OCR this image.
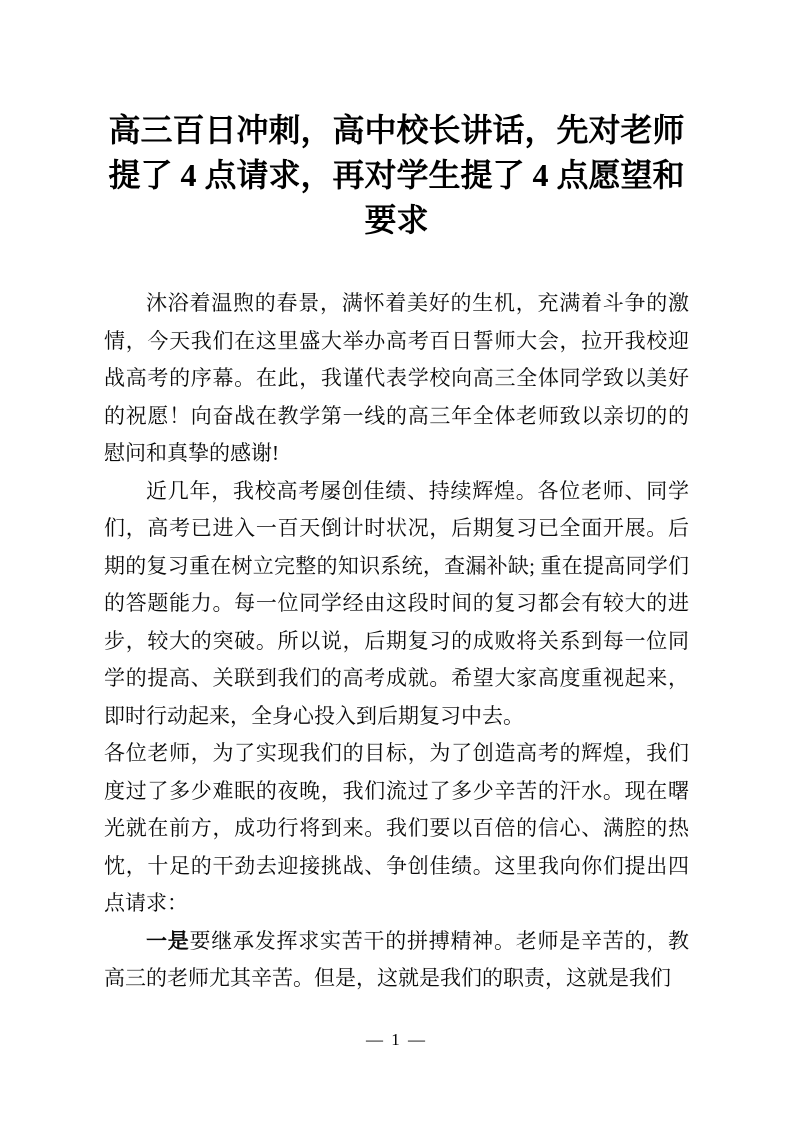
高三百日冲刺，高中校长讲话，先对老师提了 4 点请求，再对学生提了 4 点愿望和要求

沐浴着温煦的春景，满怀着美好的生机，充满着斗争的激情，今天我们在这里盛大举办高考百日誓师大会，拉开我校迎战高考的序幕。在此，我谨代表学校向高三全体同学致以美好的祝愿！向奋战在教学第一线的高三年全体老师致以亲切的的慰问和真挚的感谢!

近几年，我校高考屡创佳绩、持续辉煌。各位老师、同学们，高考已进入一百天倒计时状况，后期复习已全面开展。后期的复习重在树立完整的知识系统，查漏补缺; 重在提高同学们的答题能力。每一位同学经由这段时间的复习都会有较大的进步，较大的突破。所以说，后期复习的成败将关系到每一位同学的提高、关联到我们的高考成就。希望大家高度重视起来，即时行动起来，全身心投入到后期复习中去。

各位老师，为了实现我们的目标，为了创造高考的辉煌，我们度过了多少难眠的夜晚，我们流过了多少辛苦的汗水。现在曙光就在前方，成功行将到来。我们要以百倍的信心、满腔的热忱，十足的干劲去迎接挑战、争创佳绩。这里我向你们提出四点请求：

一是要继承发挥求实苦干的拼搏精神。老师是辛苦的，教高三的老师尤其辛苦。但是，这就是我们的职责，这就是我们

— 1 —
